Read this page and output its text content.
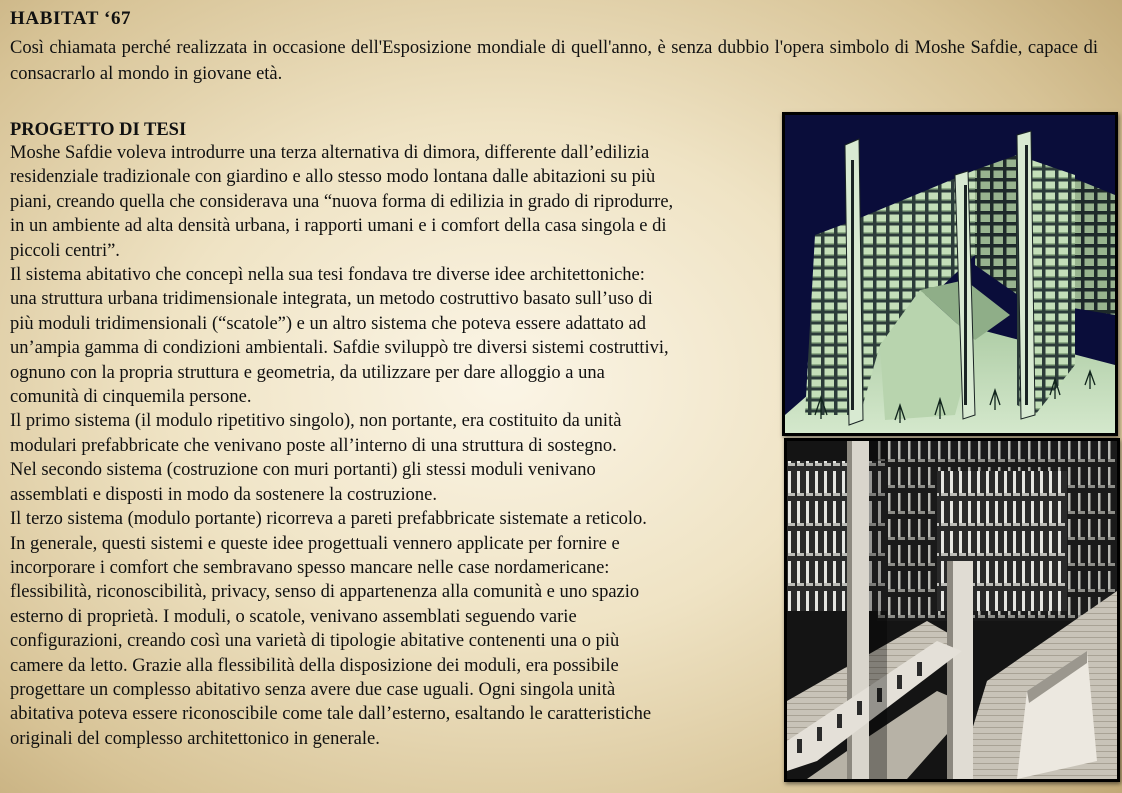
HABITAT ‘67

Così chiamata perché realizzata in occasione dell'Esposizione mondiale di quell'anno, è senza dubbio l'opera simbolo di Moshe Safdie, capace di consacrarlo al mondo in giovane età.

PROGETTO DI TESI
Moshe Safdie voleva introdurre una terza alternativa di dimora, differente dall’edilizia
residenziale tradizionale con giardino e allo stesso modo lontana dalle abitazioni su più
piani, creando quella che considerava una “nuova forma di edilizia in grado di riprodurre,
in un ambiente ad alta densità urbana, i rapporti umani e i comfort della casa singola e di
piccoli centri”.
Il sistema abitativo che concepì nella sua tesi fondava tre diverse idee architettoniche:
una struttura urbana tridimensionale integrata, un metodo costruttivo basato sull’uso di
più moduli tridimensionali (“scatole”) e un altro sistema che poteva essere adattato ad
un’ampia gamma di condizioni ambientali. Safdie sviluppò tre diversi sistemi costruttivi,
ognuno con la propria struttura e geometria, da utilizzare per dare alloggio a una
comunità di cinquemila persone.
Il primo sistema (il modulo ripetitivo singolo), non portante, era costituito da unità
modulari prefabbricate che venivano poste all’interno di una struttura di sostegno.
Nel secondo sistema (costruzione con muri portanti) gli stessi moduli venivano
assemblati e disposti in modo da sostenere la costruzione.
Il terzo sistema (modulo portante) ricorreva a pareti prefabbricate sistemate a reticolo.
In generale, questi sistemi e queste idee progettuali vennero applicate per fornire e
incorporare i comfort che sembravano spesso mancare nelle case nordamericane:
flessibilità, riconoscibilità, privacy, senso di appartenenza alla comunità e uno spazio
esterno di proprietà. I moduli, o scatole, venivano assemblati seguendo varie
configurazioni, creando così una varietà di tipologie abitative contenenti una o più
camere da letto. Grazie alla flessibilità della disposizione dei moduli, era possibile
progettare un complesso abitativo senza avere due case uguali. Ogni singola unità
abitativa poteva essere riconoscibile come tale dall’esterno, esaltando le caratteristiche
originali del complesso architettonico in generale.
